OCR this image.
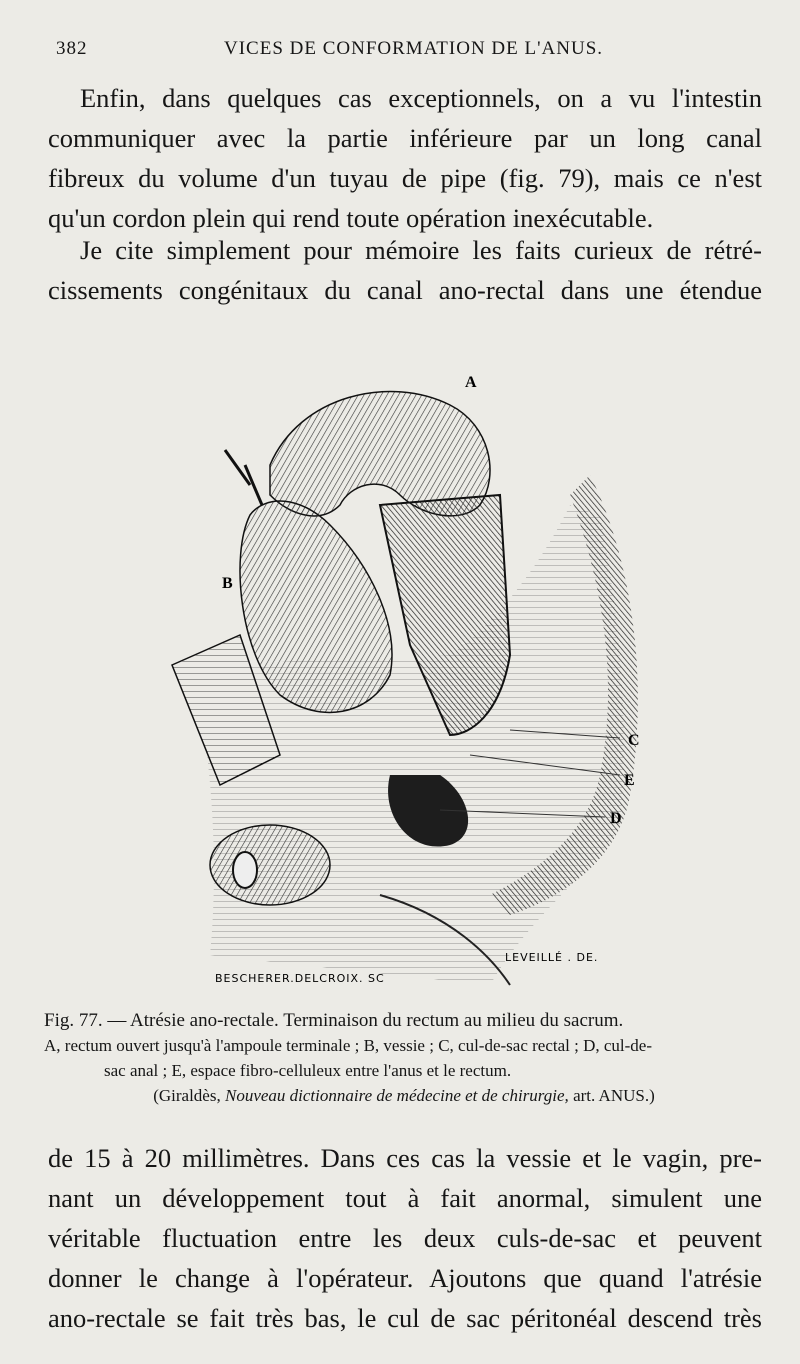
382	VICES DE CONFORMATION DE L'ANUS.
Enfin, dans quelques cas exceptionnels, on a vu l'intestin
communiquer avec la partie inférieure par un long canal
fibreux du volume d'un tuyau de pipe (fig. 79), mais ce n'est
qu'un cordon plein qui rend toute opération inexécutable.
Je cite simplement pour mémoire les faits curieux de rétré-
cissements congénitaux du canal ano-rectal dans une étendue
A
B
C
E
D
BESCHERER.DELCROIX. SC
LEVEILLÉ . DE.
Fig. 77. — Atrésie ano-rectale. Terminaison du rectum au milieu du sacrum.
A, rectum ouvert jusqu'à l'ampoule terminale ; B, vessie ; C, cul-de-sac rectal ; D, cul-de-
sac anal ; E, espace fibro-celluleux entre l'anus et le rectum.
(Giraldès, Nouveau dictionnaire de médecine et de chirurgie, art. ANUS.)
de 15 à 20 millimètres. Dans ces cas la vessie et le vagin, pre-
nant un développement tout à fait anormal, simulent une
véritable fluctuation entre les deux culs-de-sac et peuvent
donner le change à l'opérateur. Ajoutons que quand l'atrésie
ano-rectale se fait très bas, le cul de sac péritonéal descend très
